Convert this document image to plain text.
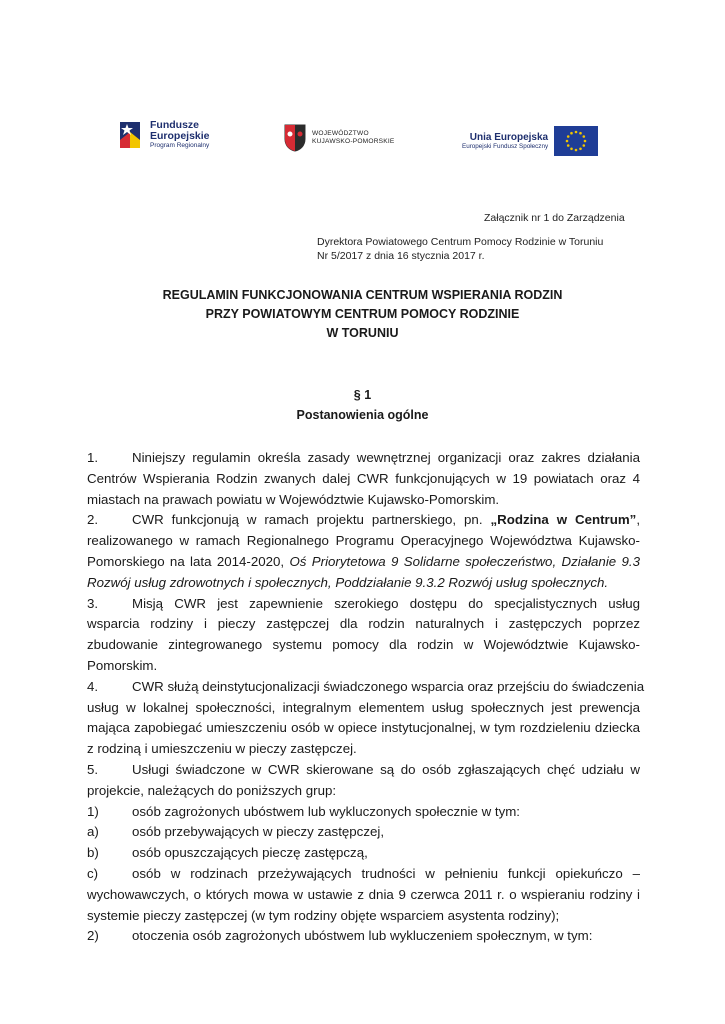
Fundusze
Europejskie
Program Regionalny
WOJEWÓDZTWO
KUJAWSKO-POMORSKIE	Unia Europejska
Europejski Fundusz Społeczny
Załącznik nr 1 do Zarządzenia
Dyrektora Powiatowego Centrum Pomocy Rodzinie w Toruniu
Nr 5/2017 z dnia 16 stycznia 2017 r.
REGULAMIN FUNKCJONOWANIA CENTRUM WSPIERANIA RODZIN
PRZY POWIATOWYM CENTRUM POMOCY RODZINIE
W TORUNIU
§ 1
Postanowienia ogólne
1.	Niniejszy regulamin określa zasady wewnętrznej organizacji oraz zakres działania
Centrów Wspierania Rodzin zwanych dalej CWR funkcjonujących w 19 powiatach oraz 4
miastach na prawach powiatu w Województwie Kujawsko-Pomorskim.
2.	CWR funkcjonują w ramach projektu partnerskiego, pn. „Rodzina w Centrum”,
realizowanego w ramach Regionalnego Programu Operacyjnego Województwa Kujawsko-
Pomorskiego na lata 2014-2020, Oś Priorytetowa 9 Solidarne społeczeństwo, Działanie 9.3
Rozwój usług zdrowotnych i społecznych, Poddziałanie 9.3.2 Rozwój usług społecznych.
3.	Misją CWR jest zapewnienie szerokiego dostępu do specjalistycznych usług
wsparcia rodziny i pieczy zastępczej dla rodzin naturalnych i zastępczych poprzez
zbudowanie zintegrowanego systemu pomocy dla rodzin w Województwie Kujawsko-
Pomorskim.
4.	CWR służą deinstytucjonalizacji świadczonego wsparcia oraz przejściu do świadczenia
usług w lokalnej społeczności, integralnym elementem usług społecznych jest prewencja
mająca zapobiegać umieszczeniu osób w opiece instytucjonalnej, w tym rozdzieleniu dziecka
z rodziną i umieszczeniu w pieczy zastępczej.
5.	Usługi świadczone w CWR skierowane są do osób zgłaszających chęć udziału w
projekcie, należących do poniższych grup:
1) osób zagrożonych ubóstwem lub wykluczonych społecznie w tym:
a) osób przebywających w pieczy zastępczej,
b) osób opuszczających pieczę zastępczą,
c)	osób w rodzinach przeżywających trudności w pełnieniu funkcji opiekuńczo –
wychowawczych, o których mowa w ustawie z dnia 9 czerwca 2011 r. o wspieraniu rodziny i
systemie pieczy zastępczej (w tym rodziny objęte wsparciem asystenta rodziny);
2) otoczenia osób zagrożonych ubóstwem lub wykluczeniem społecznym, w tym:
